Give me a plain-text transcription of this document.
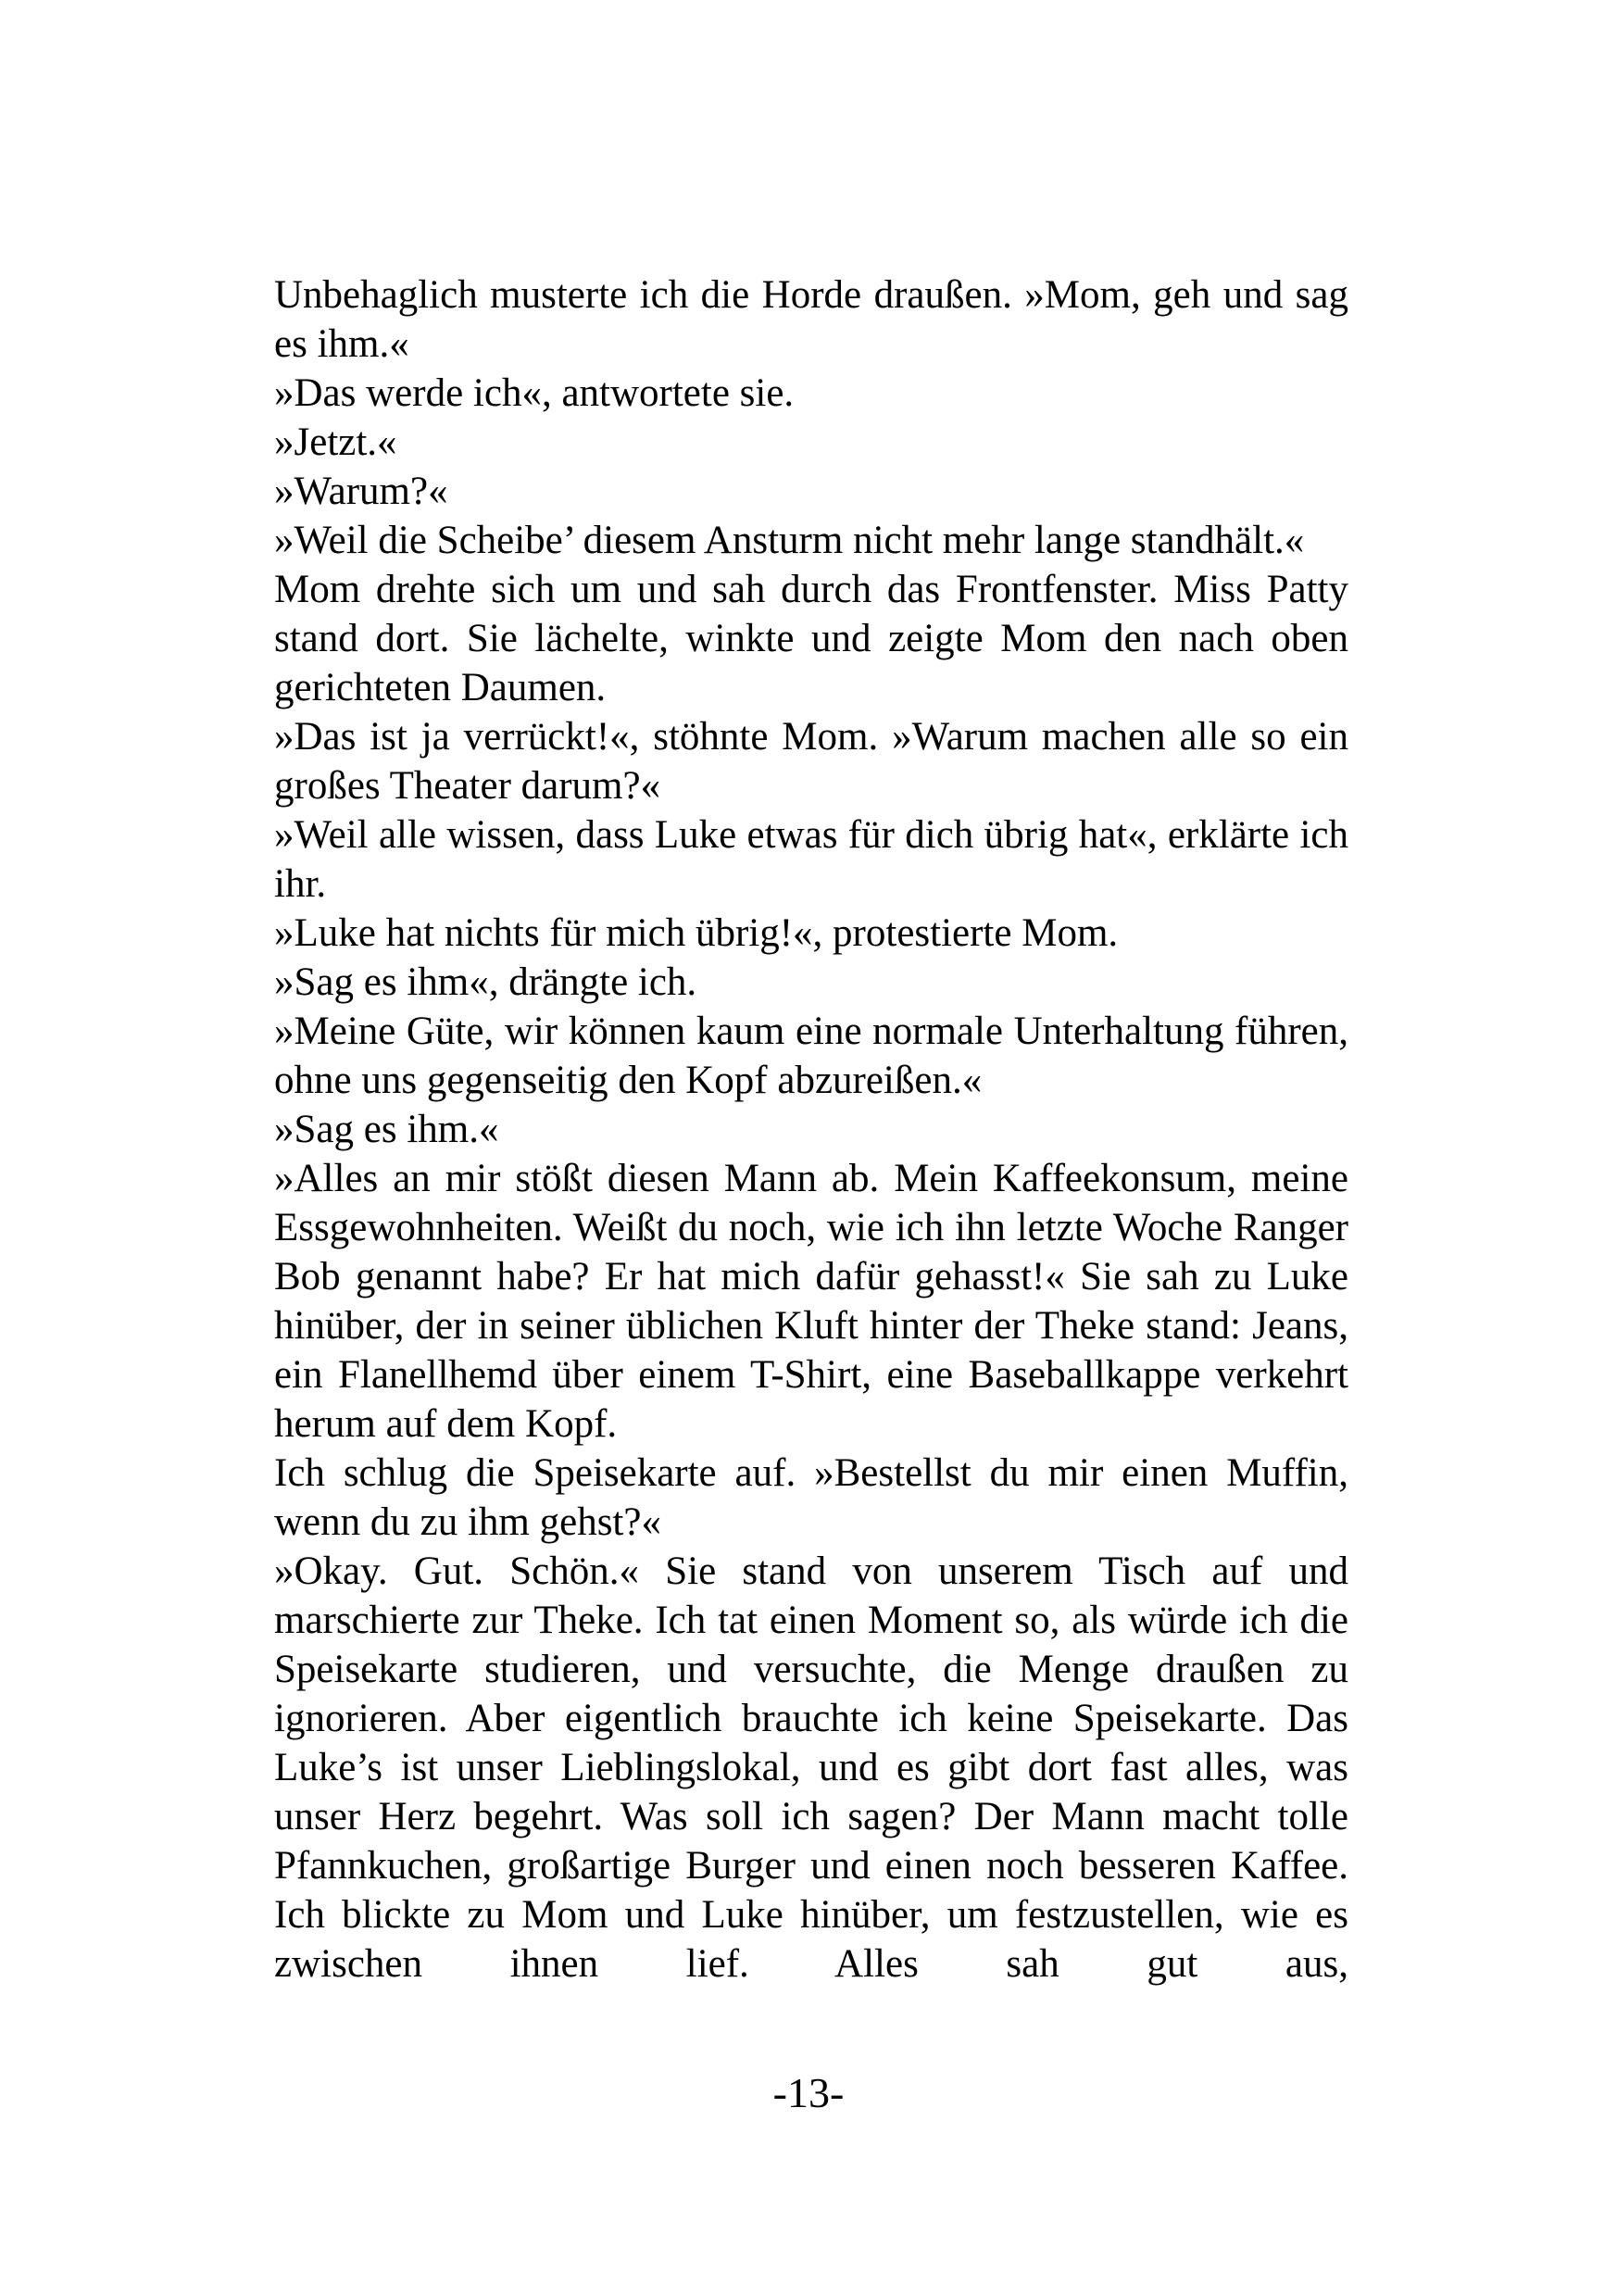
Unbehaglich musterte ich die Horde draußen. »Mom, geh und sag es ihm.«

»Das werde ich«, antwortete sie.

»Jetzt.«

»Warum?«

»Weil die Scheibe’ diesem Ansturm nicht mehr lange standhält.«

Mom drehte sich um und sah durch das Frontfenster. Miss Patty stand dort. Sie lächelte, winkte und zeigte Mom den nach oben gerichteten Daumen.

»Das ist ja verrückt!«, stöhnte Mom. »Warum machen alle so ein großes Theater darum?«

»Weil alle wissen, dass Luke etwas für dich übrig hat«, erklärte ich ihr.

»Luke hat nichts für mich übrig!«, protestierte Mom.

»Sag es ihm«, drängte ich.

»Meine Güte, wir können kaum eine normale Unterhaltung führen, ohne uns gegenseitig den Kopf abzureißen.«

»Sag es ihm.«

»Alles an mir stößt diesen Mann ab. Mein Kaffeekonsum, meine Essgewohnheiten. Weißt du noch, wie ich ihn letzte Woche Ranger Bob genannt habe? Er hat mich dafür gehasst!« Sie sah zu Luke hinüber, der in seiner üblichen Kluft hinter der Theke stand: Jeans, ein Flanellhemd über einem T-Shirt, eine Baseballkappe verkehrt herum auf dem Kopf.

Ich schlug die Speisekarte auf. »Bestellst du mir einen Muffin, wenn du zu ihm gehst?«

»Okay. Gut. Schön.« Sie stand von unserem Tisch auf und marschierte zur Theke. Ich tat einen Moment so, als würde ich die Speisekarte studieren, und versuchte, die Menge draußen zu ignorieren. Aber eigentlich brauchte ich keine Speisekarte. Das Luke’s ist unser Lieblingslokal, und es gibt dort fast alles, was unser Herz begehrt. Was soll ich sagen? Der Mann macht tolle Pfannkuchen, großartige Burger und einen noch besseren Kaffee. Ich blickte zu Mom und Luke hinüber, um festzustellen, wie es zwischen ihnen lief. Alles sah gut aus,

-13-
